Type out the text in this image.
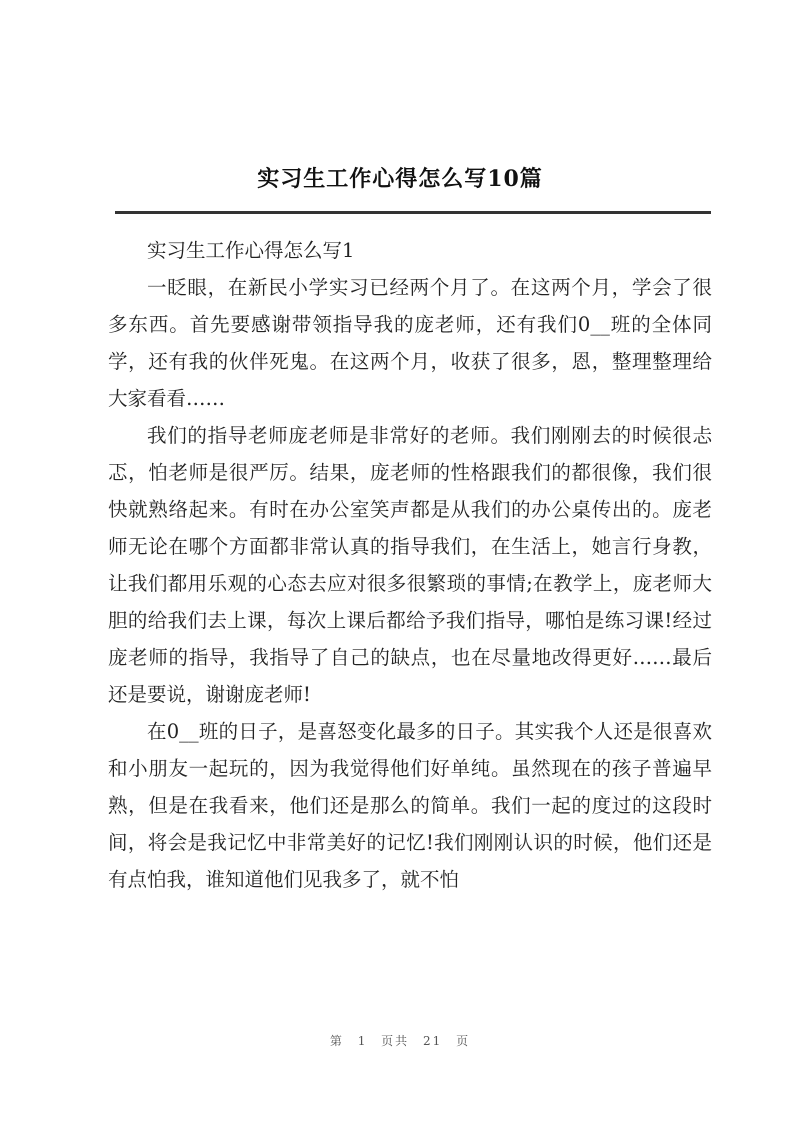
实习生工作心得怎么写10篇

实习生工作心得怎么写1

一眨眼，在新民小学实习已经两个月了。在这两个月，学会了很多东西。首先要感谢带领指导我的庞老师，还有我们0__班的全体同学，还有我的伙伴死鬼。在这两个月，收获了很多，恩，整理整理给大家看看……

我们的指导老师庞老师是非常好的老师。我们刚刚去的时候很忐忑，怕老师是很严厉。结果，庞老师的性格跟我们的都很像，我们很快就熟络起来。有时在办公室笑声都是从我们的办公桌传出的。庞老师无论在哪个方面都非常认真的指导我们，在生活上，她言行身教，让我们都用乐观的心态去应对很多很繁琐的事情;在教学上，庞老师大胆的给我们去上课，每次上课后都给予我们指导，哪怕是练习课!经过庞老师的指导，我指导了自己的缺点，也在尽量地改得更好……最后还是要说，谢谢庞老师!

在0__班的日子，是喜怒变化最多的日子。其实我个人还是很喜欢和小朋友一起玩的，因为我觉得他们好单纯。虽然现在的孩子普遍早熟，但是在我看来，他们还是那么的简单。我们一起的度过的这段时间，将会是我记忆中非常美好的记忆!我们刚刚认识的时候，他们还是有点怕我，谁知道他们见我多了，就不怕

第 1 页共 21 页
